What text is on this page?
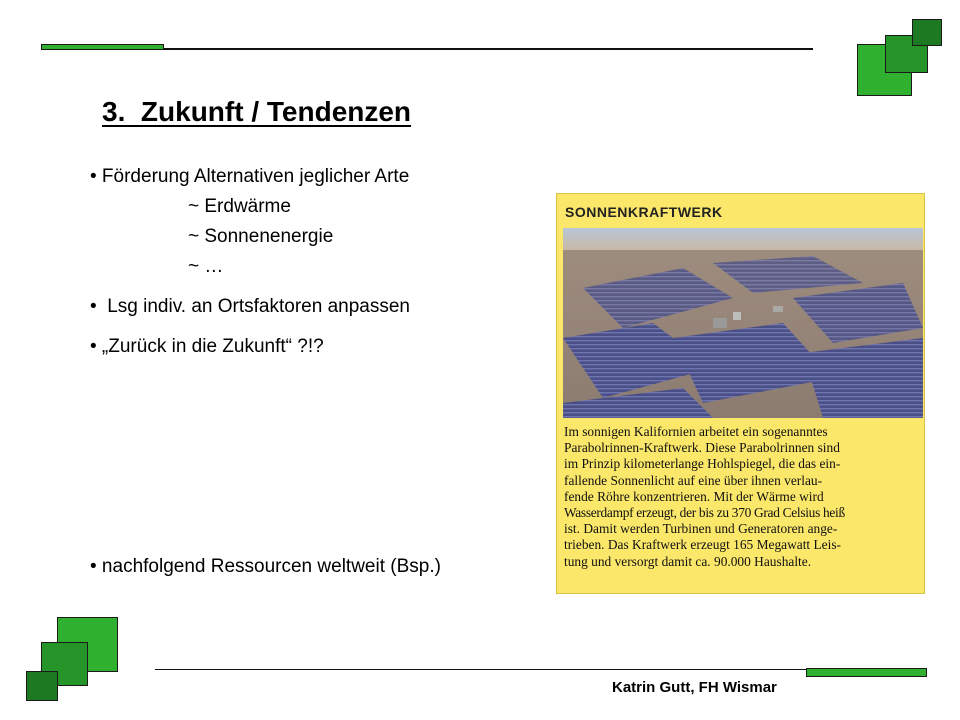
3.  Zukunft / Tendenzen
• Förderung Alternativen jeglicher Arte
~ Erdwärme
~ Sonnenenergie
~ …
•  Lsg indiv. an Ortsfaktoren anpassen
• „Zurück in die Zukunft“ ?!?
• nachfolgend Ressourcen weltweit (Bsp.)
SONNENKRAFTWERK
Im sonnigen Kalifornien arbeitet ein sogenanntes
Parabolrinnen-Kraftwerk. Diese Parabolrinnen sind
im Prinzip kilometerlange Hohlspiegel, die das ein-
fallende Sonnenlicht auf eine über ihnen verlau-
fende Röhre konzentrieren. Mit der Wärme wird
Wasserdampf erzeugt, der bis zu 370 Grad Celsius heiß
ist. Damit werden Turbinen und Generatoren ange-
trieben. Das Kraftwerk erzeugt 165 Megawatt Leis-
tung und versorgt damit ca. 90.000 Haushalte.
Katrin Gutt, FH Wismar
